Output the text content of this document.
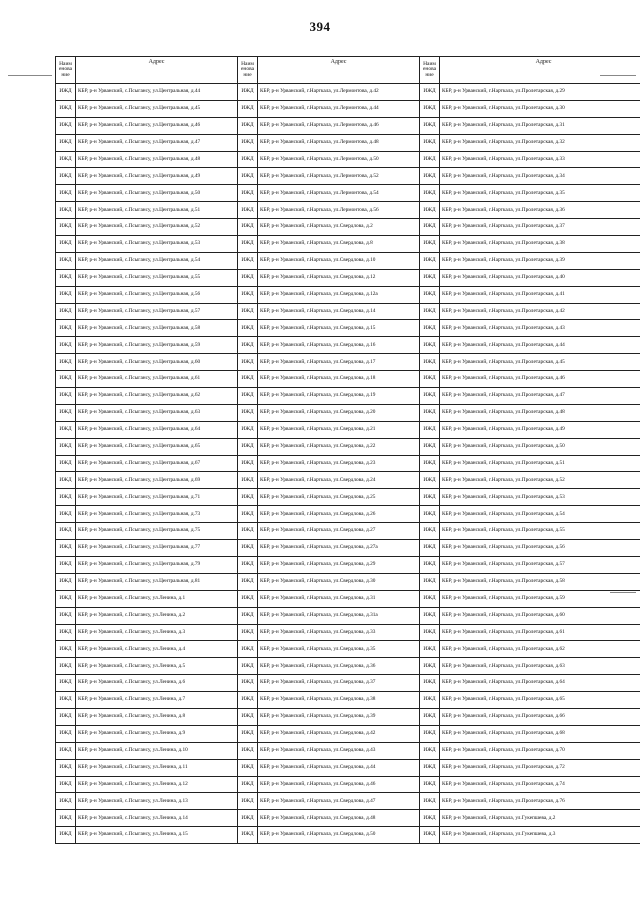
394
Наим енова ние	Адрес	Наим енова ние	Адрес	Наим енова ние	Адрес
ИЖД	КБР, р-н Урванский, с.Псыгансу, ул.Центральная, д.44	ИЖД	КБР, р-н Урванский, г.Нарткала, ул.Лермонтова, д.42	ИЖД	КБР, р-н Урванский, г.Нарткала, ул.Пролетарская, д.29
ИЖД	КБР, р-н Урванский, с.Псыгансу, ул.Центральная, д.45	ИЖД	КБР, р-н Урванский, г.Нарткала, ул.Лермонтова, д.44	ИЖД	КБР, р-н Урванский, г.Нарткала, ул.Пролетарская, д.30
ИЖД	КБР, р-н Урванский, с.Псыгансу, ул.Центральная, д.46	ИЖД	КБР, р-н Урванский, г.Нарткала, ул.Лермонтова, д.46	ИЖД	КБР, р-н Урванский, г.Нарткала, ул.Пролетарская, д.31
ИЖД	КБР, р-н Урванский, с.Псыгансу, ул.Центральная, д.47	ИЖД	КБР, р-н Урванский, г.Нарткала, ул.Лермонтова, д.48	ИЖД	КБР, р-н Урванский, г.Нарткала, ул.Пролетарская, д.32
ИЖД	КБР, р-н Урванский, с.Псыгансу, ул.Центральная, д.48	ИЖД	КБР, р-н Урванский, г.Нарткала, ул.Лермонтова, д.50	ИЖД	КБР, р-н Урванский, г.Нарткала, ул.Пролетарская, д.33
ИЖД	КБР, р-н Урванский, с.Псыгансу, ул.Центральная, д.49	ИЖД	КБР, р-н Урванский, г.Нарткала, ул.Лермонтова, д.52	ИЖД	КБР, р-н Урванский, г.Нарткала, ул.Пролетарская, д.34
ИЖД	КБР, р-н Урванский, с.Псыгансу, ул.Центральная, д.50	ИЖД	КБР, р-н Урванский, г.Нарткала, ул.Лермонтова, д.54	ИЖД	КБР, р-н Урванский, г.Нарткала, ул.Пролетарская, д.35
ИЖД	КБР, р-н Урванский, с.Псыгансу, ул.Центральная, д.51	ИЖД	КБР, р-н Урванский, г.Нарткала, ул.Лермонтова, д.56	ИЖД	КБР, р-н Урванский, г.Нарткала, ул.Пролетарская, д.36
ИЖД	КБР, р-н Урванский, с.Псыгансу, ул.Центральная, д.52	ИЖД	КБР, р-н Урванский, г.Нарткала, ул.Свердлова, д.2	ИЖД	КБР, р-н Урванский, г.Нарткала, ул.Пролетарская, д.37
ИЖД	КБР, р-н Урванский, с.Псыгансу, ул.Центральная, д.53	ИЖД	КБР, р-н Урванский, г.Нарткала, ул.Свердлова, д.8	ИЖД	КБР, р-н Урванский, г.Нарткала, ул.Пролетарская, д.38
ИЖД	КБР, р-н Урванский, с.Псыгансу, ул.Центральная, д.54	ИЖД	КБР, р-н Урванский, г.Нарткала, ул.Свердлова, д.10	ИЖД	КБР, р-н Урванский, г.Нарткала, ул.Пролетарская, д.39
ИЖД	КБР, р-н Урванский, с.Псыгансу, ул.Центральная, д.55	ИЖД	КБР, р-н Урванский, г.Нарткала, ул.Свердлова, д.12	ИЖД	КБР, р-н Урванский, г.Нарткала, ул.Пролетарская, д.40
ИЖД	КБР, р-н Урванский, с.Псыгансу, ул.Центральная, д.56	ИЖД	КБР, р-н Урванский, г.Нарткала, ул.Свердлова, д.12а	ИЖД	КБР, р-н Урванский, г.Нарткала, ул.Пролетарская, д.41
ИЖД	КБР, р-н Урванский, с.Псыгансу, ул.Центральная, д.57	ИЖД	КБР, р-н Урванский, г.Нарткала, ул.Свердлова, д.14	ИЖД	КБР, р-н Урванский, г.Нарткала, ул.Пролетарская, д.42
ИЖД	КБР, р-н Урванский, с.Псыгансу, ул.Центральная, д.58	ИЖД	КБР, р-н Урванский, г.Нарткала, ул.Свердлова, д.15	ИЖД	КБР, р-н Урванский, г.Нарткала, ул.Пролетарская, д.43
ИЖД	КБР, р-н Урванский, с.Псыгансу, ул.Центральная, д.59	ИЖД	КБР, р-н Урванский, г.Нарткала, ул.Свердлова, д.16	ИЖД	КБР, р-н Урванский, г.Нарткала, ул.Пролетарская, д.44
ИЖД	КБР, р-н Урванский, с.Псыгансу, ул.Центральная, д.60	ИЖД	КБР, р-н Урванский, г.Нарткала, ул.Свердлова, д.17	ИЖД	КБР, р-н Урванский, г.Нарткала, ул.Пролетарская, д.45
ИЖД	КБР, р-н Урванский, с.Псыгансу, ул.Центральная, д.61	ИЖД	КБР, р-н Урванский, г.Нарткала, ул.Свердлова, д.18	ИЖД	КБР, р-н Урванский, г.Нарткала, ул.Пролетарская, д.46
ИЖД	КБР, р-н Урванский, с.Псыгансу, ул.Центральная, д.62	ИЖД	КБР, р-н Урванский, г.Нарткала, ул.Свердлова, д.19	ИЖД	КБР, р-н Урванский, г.Нарткала, ул.Пролетарская, д.47
ИЖД	КБР, р-н Урванский, с.Псыгансу, ул.Центральная, д.63	ИЖД	КБР, р-н Урванский, г.Нарткала, ул.Свердлова, д.20	ИЖД	КБР, р-н Урванский, г.Нарткала, ул.Пролетарская, д.48
ИЖД	КБР, р-н Урванский, с.Псыгансу, ул.Центральная, д.64	ИЖД	КБР, р-н Урванский, г.Нарткала, ул.Свердлова, д.21	ИЖД	КБР, р-н Урванский, г.Нарткала, ул.Пролетарская, д.49
ИЖД	КБР, р-н Урванский, с.Псыгансу, ул.Центральная, д.65	ИЖД	КБР, р-н Урванский, г.Нарткала, ул.Свердлова, д.22	ИЖД	КБР, р-н Урванский, г.Нарткала, ул.Пролетарская, д.50
ИЖД	КБР, р-н Урванский, с.Псыгансу, ул.Центральная, д.67	ИЖД	КБР, р-н Урванский, г.Нарткала, ул.Свердлова, д.23	ИЖД	КБР, р-н Урванский, г.Нарткала, ул.Пролетарская, д.51
ИЖД	КБР, р-н Урванский, с.Псыгансу, ул.Центральная, д.69	ИЖД	КБР, р-н Урванский, г.Нарткала, ул.Свердлова, д.24	ИЖД	КБР, р-н Урванский, г.Нарткала, ул.Пролетарская, д.52
ИЖД	КБР, р-н Урванский, с.Псыгансу, ул.Центральная, д.71	ИЖД	КБР, р-н Урванский, г.Нарткала, ул.Свердлова, д.25	ИЖД	КБР, р-н Урванский, г.Нарткала, ул.Пролетарская, д.53
ИЖД	КБР, р-н Урванский, с.Псыгансу, ул.Центральная, д.73	ИЖД	КБР, р-н Урванский, г.Нарткала, ул.Свердлова, д.26	ИЖД	КБР, р-н Урванский, г.Нарткала, ул.Пролетарская, д.54
ИЖД	КБР, р-н Урванский, с.Псыгансу, ул.Центральная, д.75	ИЖД	КБР, р-н Урванский, г.Нарткала, ул.Свердлова, д.27	ИЖД	КБР, р-н Урванский, г.Нарткала, ул.Пролетарская, д.55
ИЖД	КБР, р-н Урванский, с.Псыгансу, ул.Центральная, д.77	ИЖД	КБР, р-н Урванский, г.Нарткала, ул.Свердлова, д.27а	ИЖД	КБР, р-н Урванский, г.Нарткала, ул.Пролетарская, д.56
ИЖД	КБР, р-н Урванский, с.Псыгансу, ул.Центральная, д.79	ИЖД	КБР, р-н Урванский, г.Нарткала, ул.Свердлова, д.29	ИЖД	КБР, р-н Урванский, г.Нарткала, ул.Пролетарская, д.57
ИЖД	КБР, р-н Урванский, с.Псыгансу, ул.Центральная, д.81	ИЖД	КБР, р-н Урванский, г.Нарткала, ул.Свердлова, д.30	ИЖД	КБР, р-н Урванский, г.Нарткала, ул.Пролетарская, д.58
ИЖД	КБР, р-н Урванский, с.Псыгансу, ул.Ленина, д.1	ИЖД	КБР, р-н Урванский, г.Нарткала, ул.Свердлова, д.31	ИЖД	КБР, р-н Урванский, г.Нарткала, ул.Пролетарская, д.59
ИЖД	КБР, р-н Урванский, с.Псыгансу, ул.Ленина, д.2	ИЖД	КБР, р-н Урванский, г.Нарткала, ул.Свердлова, д.31а	ИЖД	КБР, р-н Урванский, г.Нарткала, ул.Пролетарская, д.60
ИЖД	КБР, р-н Урванский, с.Псыгансу, ул.Ленина, д.3	ИЖД	КБР, р-н Урванский, г.Нарткала, ул.Свердлова, д.33	ИЖД	КБР, р-н Урванский, г.Нарткала, ул.Пролетарская, д.61
ИЖД	КБР, р-н Урванский, с.Псыгансу, ул.Ленина, д.4	ИЖД	КБР, р-н Урванский, г.Нарткала, ул.Свердлова, д.35	ИЖД	КБР, р-н Урванский, г.Нарткала, ул.Пролетарская, д.62
ИЖД	КБР, р-н Урванский, с.Псыгансу, ул.Ленина, д.5	ИЖД	КБР, р-н Урванский, г.Нарткала, ул.Свердлова, д.36	ИЖД	КБР, р-н Урванский, г.Нарткала, ул.Пролетарская, д.63
ИЖД	КБР, р-н Урванский, с.Псыгансу, ул.Ленина, д.6	ИЖД	КБР, р-н Урванский, г.Нарткала, ул.Свердлова, д.37	ИЖД	КБР, р-н Урванский, г.Нарткала, ул.Пролетарская, д.64
ИЖД	КБР, р-н Урванский, с.Псыгансу, ул.Ленина, д.7	ИЖД	КБР, р-н Урванский, г.Нарткала, ул.Свердлова, д.38	ИЖД	КБР, р-н Урванский, г.Нарткала, ул.Пролетарская, д.65
ИЖД	КБР, р-н Урванский, с.Псыгансу, ул.Ленина, д.8	ИЖД	КБР, р-н Урванский, г.Нарткала, ул.Свердлова, д.39	ИЖД	КБР, р-н Урванский, г.Нарткала, ул.Пролетарская, д.66
ИЖД	КБР, р-н Урванский, с.Псыгансу, ул.Ленина, д.9	ИЖД	КБР, р-н Урванский, г.Нарткала, ул.Свердлова, д.42	ИЖД	КБР, р-н Урванский, г.Нарткала, ул.Пролетарская, д.68
ИЖД	КБР, р-н Урванский, с.Псыгансу, ул.Ленина, д.10	ИЖД	КБР, р-н Урванский, г.Нарткала, ул.Свердлова, д.43	ИЖД	КБР, р-н Урванский, г.Нарткала, ул.Пролетарская, д.70
ИЖД	КБР, р-н Урванский, с.Псыгансу, ул.Ленина, д.11	ИЖД	КБР, р-н Урванский, г.Нарткала, ул.Свердлова, д.44	ИЖД	КБР, р-н Урванский, г.Нарткала, ул.Пролетарская, д.72
ИЖД	КБР, р-н Урванский, с.Псыгансу, ул.Ленина, д.12	ИЖД	КБР, р-н Урванский, г.Нарткала, ул.Свердлова, д.46	ИЖД	КБР, р-н Урванский, г.Нарткала, ул.Пролетарская, д.74
ИЖД	КБР, р-н Урванский, с.Псыгансу, ул.Ленина, д.13	ИЖД	КБР, р-н Урванский, г.Нарткала, ул.Свердлова, д.47	ИЖД	КБР, р-н Урванский, г.Нарткала, ул.Пролетарская, д.76
ИЖД	КБР, р-н Урванский, с.Псыгансу, ул.Ленина, д.14	ИЖД	КБР, р-н Урванский, г.Нарткала, ул.Свердлова, д.48	ИЖД	КБР, р-н Урванский, г.Нарткала, ул.Гукепшева, д.2
ИЖД	КБР, р-н Урванский, с.Псыгансу, ул.Ленина, д.15	ИЖД	КБР, р-н Урванский, г.Нарткала, ул.Свердлова, д.50	ИЖД	КБР, р-н Урванский, г.Нарткала, ул.Гукепшева, д.3
